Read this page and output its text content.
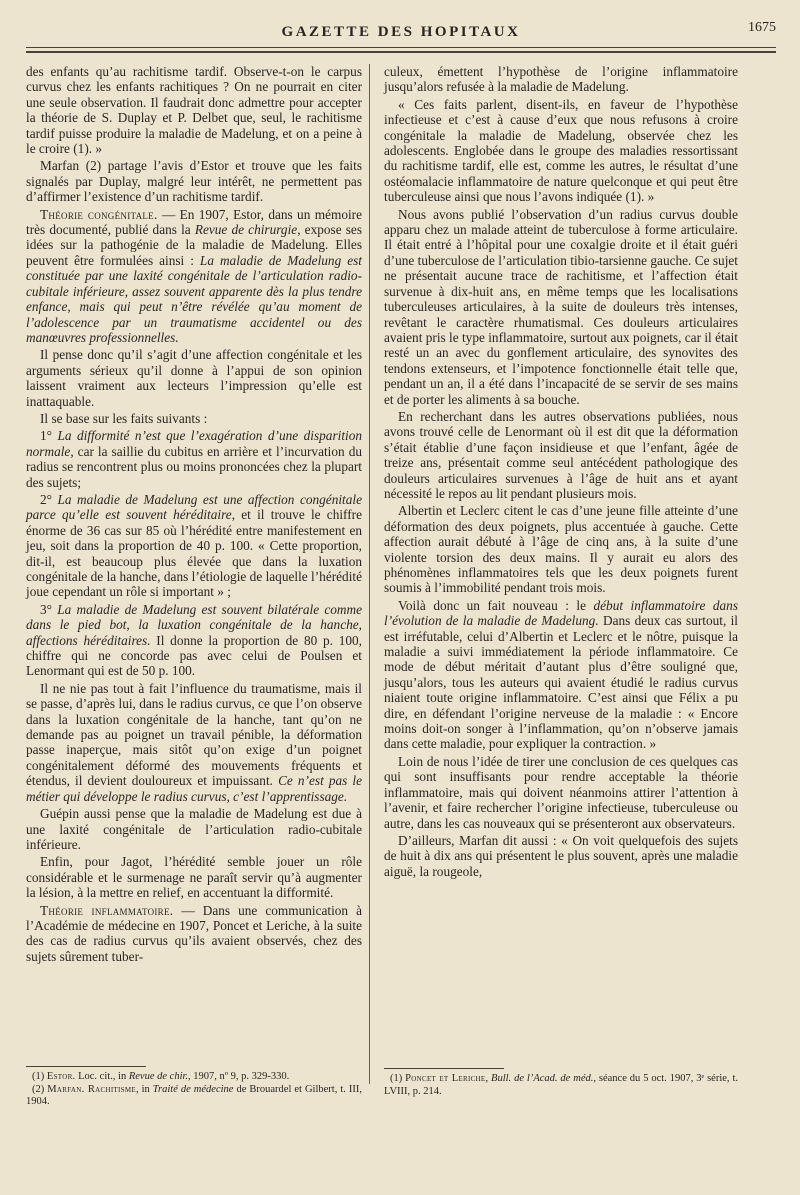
GAZETTE DES HOPITAUX	1675

des enfants qu’au rachitisme tardif. Observe-t-on le carpus curvus chez les enfants rachitiques ? On ne pourrait en citer une seule observation. Il faudrait donc admettre pour accepter la théorie de S. Duplay et P. Delbet que, seul, le rachitisme tardif puisse produire la maladie de Madelung, et on a peine à le croire (1). »

Marfan (2) partage l’avis d’Estor et trouve que les faits signalés par Duplay, malgré leur intérêt, ne permettent pas d’affirmer l’existence d’un rachitisme tardif.

Théorie congénitale. — En 1907, Estor, dans un mémoire très documenté, publié dans la Revue de chirurgie, expose ses idées sur la pathogénie de la maladie de Madelung. Elles peuvent être formulées ainsi : La maladie de Madelung est constituée par une laxité congénitale de l’articulation radio-cubitale inférieure, assez souvent apparente dès la plus tendre enfance, mais qui peut n’être révélée qu’au moment de l’adolescence par un traumatisme accidentel ou des manœuvres professionnelles.

Il pense donc qu’il s’agit d’une affection congénitale et les arguments sérieux qu’il donne à l’appui de son opinion laissent vraiment aux lecteurs l’impression qu’elle est inattaquable.

Il se base sur les faits suivants :

1° La difformité n’est que l’exagération d’une disparition normale, car la saillie du cubitus en arrière et l’incurvation du radius se rencontrent plus ou moins prononcées chez la plupart des sujets;

2° La maladie de Madelung est une affection congénitale parce qu’elle est souvent héréditaire, et il trouve le chiffre énorme de 36 cas sur 85 où l’hérédité entre manifestement en jeu, soit dans la proportion de 40 p. 100. « Cette proportion, dit-il, est beaucoup plus élevée que dans la luxation congénitale de la hanche, dans l’étiologie de laquelle l’hérédité joue cependant un rôle si important » ;

3° La maladie de Madelung est souvent bilatérale comme dans le pied bot, la luxation congénitale de la hanche, affections héréditaires. Il donne la proportion de 80 p. 100, chiffre qui ne concorde pas avec celui de Poulsen et Lenormant qui est de 50 p. 100.

Il ne nie pas tout à fait l’influence du traumatisme, mais il se passe, d’après lui, dans le radius curvus, ce que l’on observe dans la luxation congénitale de la hanche, tant qu’on ne demande pas au poignet un travail pénible, la déformation passe inaperçue, mais sitôt qu’on exige d’un poignet congénitalement déformé des mouvements fréquents et étendus, il devient douloureux et impuissant. Ce n’est pas le métier qui développe le radius curvus, c’est l’apprentissage.

Guépin aussi pense que la maladie de Madelung est due à une laxité congénitale de l’articulation radio-cubitale inférieure.

Enfin, pour Jagot, l’hérédité semble jouer un rôle considérable et le surmenage ne paraît servir qu’à augmenter la lésion, à la mettre en relief, en accentuant la difformité.

Théorie inflammatoire. — Dans une communication à l’Académie de médecine en 1907, Poncet et Leriche, à la suite des cas de radius curvus qu’ils avaient observés, chez des sujets sûrement tuber-

culeux, émettent l’hypothèse de l’origine inflammatoire jusqu’alors refusée à la maladie de Madelung.

« Ces faits parlent, disent-ils, en faveur de l’hypothèse infectieuse et c’est à cause d’eux que nous refusons à croire congénitale la maladie de Madelung, observée chez les adolescents. Englobée dans le groupe des maladies ressortissant du rachitisme tardif, elle est, comme les autres, le résultat d’une ostéomalacie inflammatoire de nature quelconque et qui peut être tuberculeuse ainsi que nous l’avons indiquée (1). »

Nous avons publié l’observation d’un radius curvus double apparu chez un malade atteint de tuberculose à forme articulaire. Il était entré à l’hôpital pour une coxalgie droite et il était guéri d’une tuberculose de l’articulation tibio-tarsienne gauche. Ce sujet ne présentait aucune trace de rachitisme, et l’affection était survenue à dix-huit ans, en même temps que les localisations tuberculeuses articulaires, à la suite de douleurs très intenses, revêtant le caractère rhumatismal. Ces douleurs articulaires avaient pris le type inflammatoire, surtout aux poignets, car il était resté un an avec du gonflement articulaire, des synovites des tendons extenseurs, et l’impotence fonctionnelle était telle que, pendant un an, il a été dans l’incapacité de se servir de ses mains et de porter les aliments à sa bouche.

En recherchant dans les autres observations publiées, nous avons trouvé celle de Lenormant où il est dit que la déformation s’était établie d’une façon insidieuse et que l’enfant, âgée de treize ans, présentait comme seul antécédent pathologique des douleurs articulaires survenues à l’âge de huit ans et ayant nécessité le repos au lit pendant plusieurs mois.

Albertin et Leclerc citent le cas d’une jeune fille atteinte d’une déformation des deux poignets, plus accentuée à gauche. Cette affection aurait débuté à l’âge de cinq ans, à la suite d’une violente torsion des deux mains. Il y aurait eu alors des phénomènes inflammatoires tels que les deux poignets furent soumis à l’immobilité pendant trois mois.

Voilà donc un fait nouveau : le début inflammatoire dans l’évolution de la maladie de Madelung. Dans deux cas surtout, il est irréfutable, celui d’Albertin et Leclerc et le nôtre, puisque la maladie a suivi immédiatement la période inflammatoire. Ce mode de début méritait d’autant plus d’être souligné que, jusqu’alors, tous les auteurs qui avaient étudié le radius curvus niaient toute origine inflammatoire. C’est ainsi que Félix a pu dire, en défendant l’origine nerveuse de la maladie : « Encore moins doit-on songer à l’inflammation, qu’on n’observe jamais dans cette maladie, pour expliquer la contraction. »

Loin de nous l’idée de tirer une conclusion de ces quelques cas qui sont insuffisants pour rendre acceptable la théorie inflammatoire, mais qui doivent néanmoins attirer l’attention à l’avenir, et faire rechercher l’origine infectieuse, tuberculeuse ou autre, dans les cas nouveaux qui se présenteront aux observateurs.

D’ailleurs, Marfan dit aussi : « On voit quelquefois des sujets de huit à dix ans qui présentent le plus souvent, après une maladie aiguë, la rougeole,

(1) Estor. Loc. cit., in Revue de chir., 1907, nº 9, p. 329-330.

(2) Marfan. Rachitisme, in Traité de médecine de Brouardel et Gilbert, t. III, 1904.

(1) Poncet et Leriche, Bull. de l’Acad. de méd., séance du 5 oct. 1907, 3ᵉ série, t. LVIII, p. 214.
